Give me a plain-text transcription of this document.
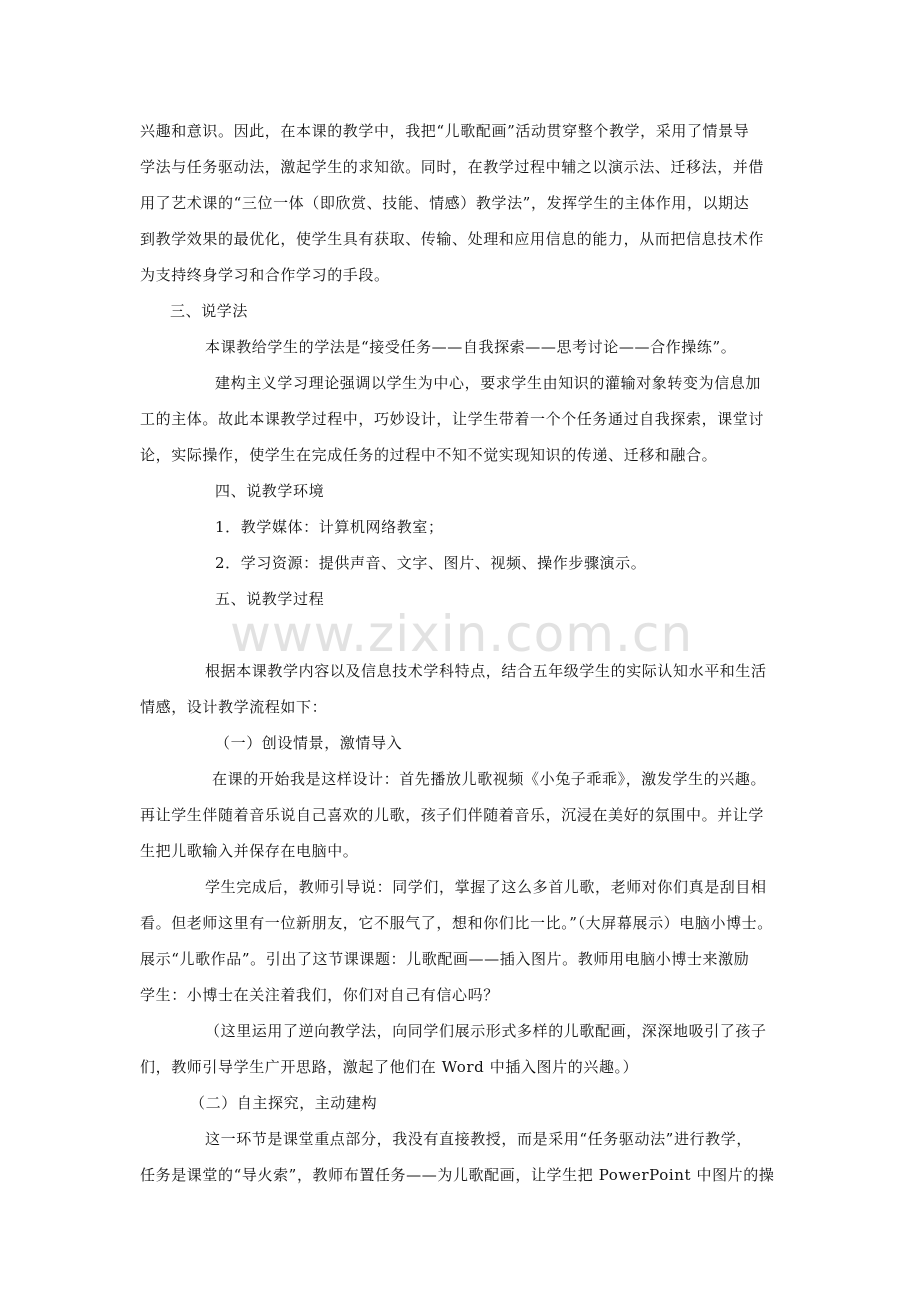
www.zixin.com.cn
兴趣和意识。因此，在本课的教学中，我把“儿歌配画”活动贯穿整个教学，采用了情景导
学法与任务驱动法，激起学生的求知欲。同时，在教学过程中辅之以演示法、迁移法，并借
用了艺术课的“三位一体（即欣赏、技能、情感）教学法”，发挥学生的主体作用，以期达
到教学效果的最优化，使学生具有获取、传输、处理和应用信息的能力，从而把信息技术作
为支持终身学习和合作学习的手段。
三、说学法
本课教给学生的学法是“接受任务——自我探索——思考讨论——合作操练”。
建构主义学习理论强调以学生为中心，要求学生由知识的灌输对象转变为信息加
工的主体。故此本课教学过程中，巧妙设计，让学生带着一个个任务通过自我探索，课堂讨
论，实际操作，使学生在完成任务的过程中不知不觉实现知识的传递、迁移和融合。
四、说教学环境
1．教学媒体：计算机网络教室；
2．学习资源：提供声音、文字、图片、视频、操作步骤演示。
五、说教学过程
根据本课教学内容以及信息技术学科特点，结合五年级学生的实际认知水平和生活
情感，设计教学流程如下：
（一）创设情景，激情导入
在课的开始我是这样设计：首先播放儿歌视频《小兔子乖乖》，激发学生的兴趣。
再让学生伴随着音乐说自己喜欢的儿歌，孩子们伴随着音乐，沉浸在美好的氛围中。并让学
生把儿歌输入并保存在电脑中。
学生完成后，教师引导说：同学们，掌握了这么多首儿歌，老师对你们真是刮目相
看。但老师这里有一位新朋友，它不服气了，想和你们比一比。”（大屏幕展示）电脑小博士。
展示“儿歌作品”。引出了这节课课题：儿歌配画——插入图片。教师用电脑小博士来激励
学生：小博士在关注着我们，你们对自己有信心吗？
（这里运用了逆向教学法，向同学们展示形式多样的儿歌配画，深深地吸引了孩子
们，教师引导学生广开思路，激起了他们在 Word 中插入图片的兴趣。）
（二）自主探究，主动建构
这一环节是课堂重点部分，我没有直接教授，而是采用“任务驱动法”进行教学，
任务是课堂的“导火索”，教师布置任务——为儿歌配画，让学生把 PowerPoint 中图片的操
